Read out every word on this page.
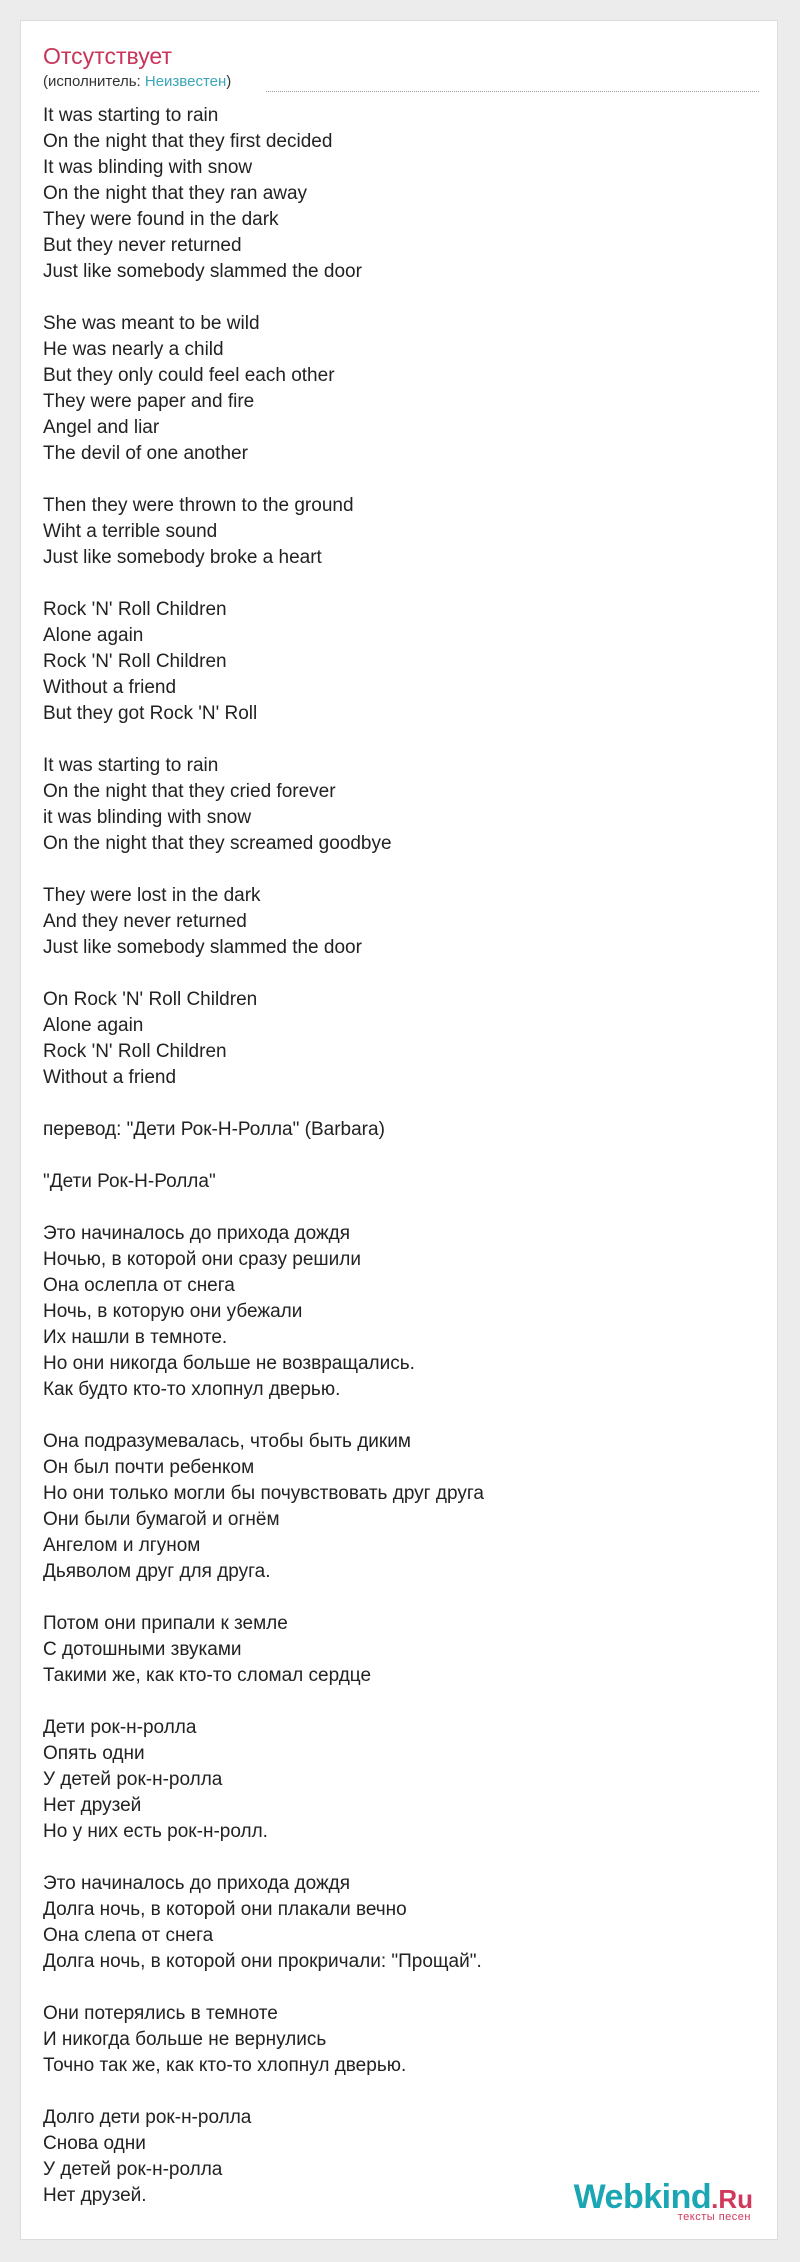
Отсутствует
(исполнитель: Неизвестен)
It was starting to rain
On the night that they first decided
It was blinding with snow
On the night that they ran away
They were found in the dark
But they never returned
Just like somebody slammed the door

She was meant to be wild
He was nearly a child
But they only could feel each other
They were paper and fire
Angel and liar
The devil of one another

Then they were thrown to the ground
Wiht a terrible sound
Just like somebody broke a heart

Rock 'N' Roll Children
Alone again
Rock 'N' Roll Children
Without a friend
But they got Rock 'N' Roll

It was starting to rain
On the night that they cried forever
it was blinding with snow
On the night that they screamed goodbye

They were lost in the dark
And they never returned
Just like somebody slammed the door

On Rock 'N' Roll Children
Alone again
Rock 'N' Roll Children
Without a friend

перевод: "Дети Рок-Н-Ролла" (Barbara)

"Дети Рок-Н-Ролла"

Это начиналось до прихода дождя
Ночью, в которой они сразу решили
Она ослепла от снега
Ночь, в которую они убежали
Их нашли в темноте.
Но они никогда больше не возвращались.
Как будто кто-то хлопнул дверью.

Она подразумевалась, чтобы быть диким
Он был почти ребенком
Но они только могли бы почувствовать друг друга
Они были бумагой и огнём
Ангелом и лгуном
Дьяволом друг для друга.

Потом они припали к земле
С дотошными звуками
Такими же, как кто-то сломал сердце

Дети рок-н-ролла
Опять одни
У детей рок-н-ролла
Нет друзей
Но у них есть рок-н-ролл.

Это начиналось до прихода дождя
Долга ночь, в которой они плакали вечно
Она слепа от снега
Долга ночь, в которой они прокричали: "Прощай".

Они потерялись в темноте
И никогда больше не вернулись
Точно так же, как кто-то хлопнул дверью.

Долго дети рок-н-ролла
Снова одни
У детей рок-н-ролла
Нет друзей.	Webkind.Ru
тексты песен
